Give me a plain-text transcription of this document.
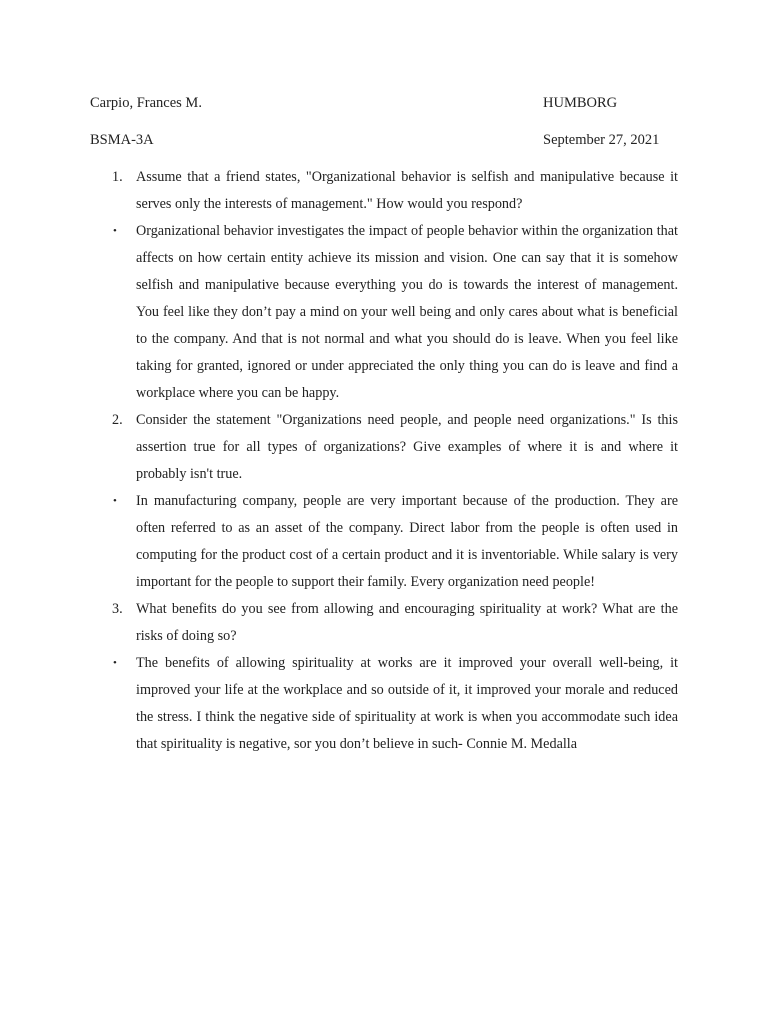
Carpio, Frances M.	HUMBORG
BSMA-3A	September 27, 2021

1. Assume that a friend states, "Organizational behavior is selfish and manipulative because it serves only the interests of management." How would you respond?

• Organizational behavior investigates the impact of people behavior within the organization that affects on how certain entity achieve its mission and vision. One can say that it is somehow selfish and manipulative because everything you do is towards the interest of management. You feel like they don’t pay a mind on your well being and only cares about what is beneficial to the company. And that is not normal and what you should do is leave. When you feel like taking for granted, ignored or under appreciated the only thing you can do is leave and find a workplace where you can be happy.

2. Consider the statement "Organizations need people, and people need organizations." Is this assertion true for all types of organizations? Give examples of where it is and where it probably isn't true.

• In manufacturing company, people are very important because of the production. They are often referred to as an asset of the company. Direct labor from the people is often used in computing for the product cost of a certain product and it is inventoriable. While salary is very important for the people to support their family. Every organization need people!

3. What benefits do you see from allowing and encouraging spirituality at work? What are the risks of doing so?

• The benefits of allowing spirituality at works are it improved your overall well-being, it improved your life at the workplace and so outside of it, it improved your morale and reduced the stress. I think the negative side of spirituality at work is when you accommodate such idea that spirituality is negative, sor you don’t believe in such- Connie M. Medalla
